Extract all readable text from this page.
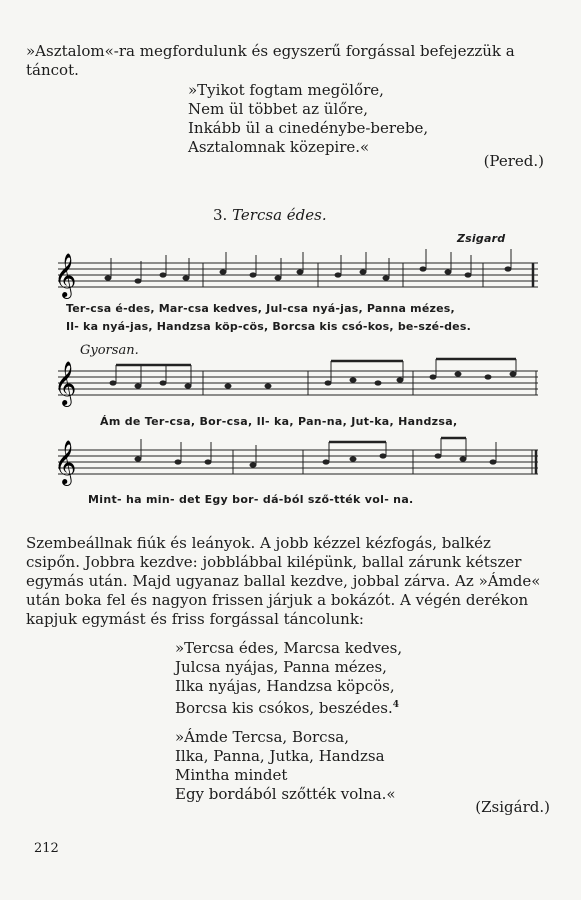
»Asztalom«-ra megfordulunk és egyszerű forgással befejezzük a
táncot.
»Tyikot fogtam megölőre,
Nem ül többet az ülőre,
Inkább ül a cinedénybe-berebe,
Asztalomnak közepire.«
(Pered.)
3. Tercsa édes.
Zsigard
𝄞
Ter-csa é-des, Mar-csa kedves, Jul-csa nyá-jas, Panna mézes,
Il- ka nyá-jas, Handzsa köp-cös, Borcsa kis csó-kos, be-szé-des.
Gyorsan.
𝄞
Ám de Ter-csa, Bor-csa, Il- ka, Pan-na, Jut-ka, Handzsa,
𝄞
Mint- ha min- det Egy bor- dá-ból sző-tték vol- na.
Szembeállnak fiúk és leányok. A jobb kézzel kézfogás, balkéz
csipőn. Jobbra kezdve: jobblábbal kilépünk, ballal zárunk kétszer
egymás után. Majd ugyanaz ballal kezdve, jobbal zárva. Az »Ámde«
után boka fel és nagyon frissen járjuk a bokázót. A végén derékon
kapjuk egymást és friss forgással táncolunk:
»Tercsa édes, Marcsa kedves,
Julcsa nyájas, Panna mézes,
Ilka nyájas, Handzsa köpcös,
Borcsa kis csókos, beszédes.$^4$
»Ámde Tercsa, Borcsa,
Ilka, Panna, Jutka, Handzsa
Mintha mindet
Egy bordából szőtték volna.«
(Zsigárd.)
212
